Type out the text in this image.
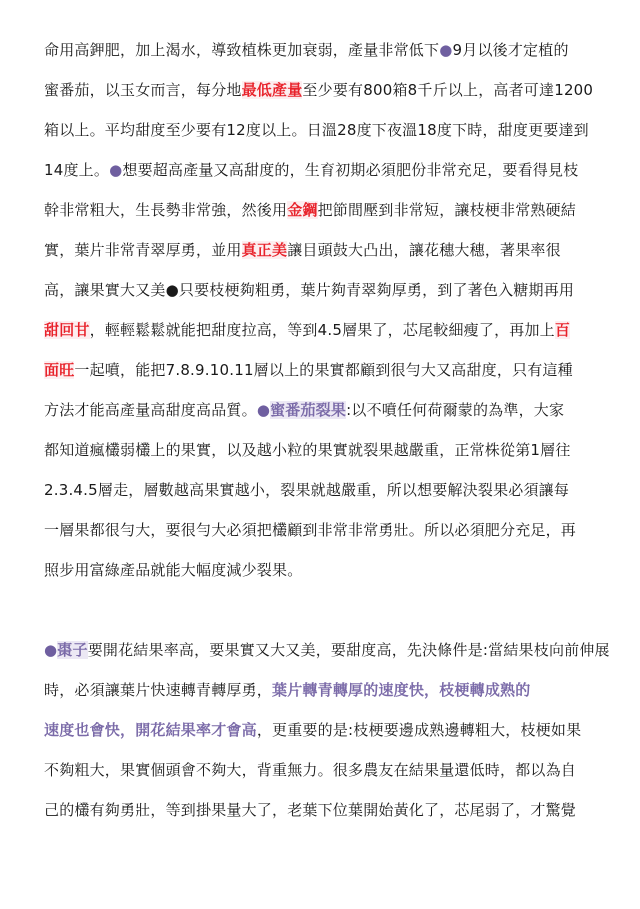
命用高鉀肥，加上渴水，導致植株更加衰弱，產量非常低下●9月以後才定植的
蜜番茄，以玉女而言，每分地最低產量至少要有800箱8千斤以上，高者可達1200
箱以上。平均甜度至少要有12度以上。日溫28度下夜溫18度下時，甜度更要達到
14度上。●想要超高產量又高甜度的，生育初期必須肥份非常充足，要看得見枝
幹非常粗大，生長勢非常強，然後用金鋼把節間壓到非常短，讓枝梗非常熟硬結
實，葉片非常青翠厚勇，並用真正美讓目頭鼓大凸出，讓花穗大穗，著果率很
高，讓果實大又美●只要枝梗夠粗勇，葉片夠青翠夠厚勇，到了著色入糖期再用
甜回甘，輕輕鬆鬆就能把甜度拉高，等到4.5層果了，芯尾較細瘦了，再加上百
面旺一起噴，能把7.8.9.10.11層以上的果實都顧到很勻大又高甜度，只有這種
方法才能高產量高甜度高品質。●蜜番茄裂果:以不噴任何荷爾蒙的為準，大家
都知道瘋欉弱欉上的果實，以及越小粒的果實就裂果越嚴重，正常株從第1層往
2.3.4.5層走，層數越高果實越小，裂果就越嚴重，所以想要解決裂果必須讓每
一層果都很勻大，要很勻大必須把欉顧到非常非常勇壯。所以必須肥分充足，再
照步用富綠產品就能大幅度減少裂果。
●棗子要開花結果率高，要果實又大又美，要甜度高，先決條件是:當結果枝向前伸展
時，必須讓葉片快速轉青轉厚勇，葉片轉青轉厚的速度快，枝梗轉成熟的
速度也會快，開花結果率才會高，更重要的是:枝梗要邊成熟邊轉粗大，枝梗如果
不夠粗大，果實個頭會不夠大，背重無力。很多農友在結果量還低時，都以為自
己的欉有夠勇壯，等到掛果量大了，老葉下位葉開始黃化了，芯尾弱了，才驚覺
